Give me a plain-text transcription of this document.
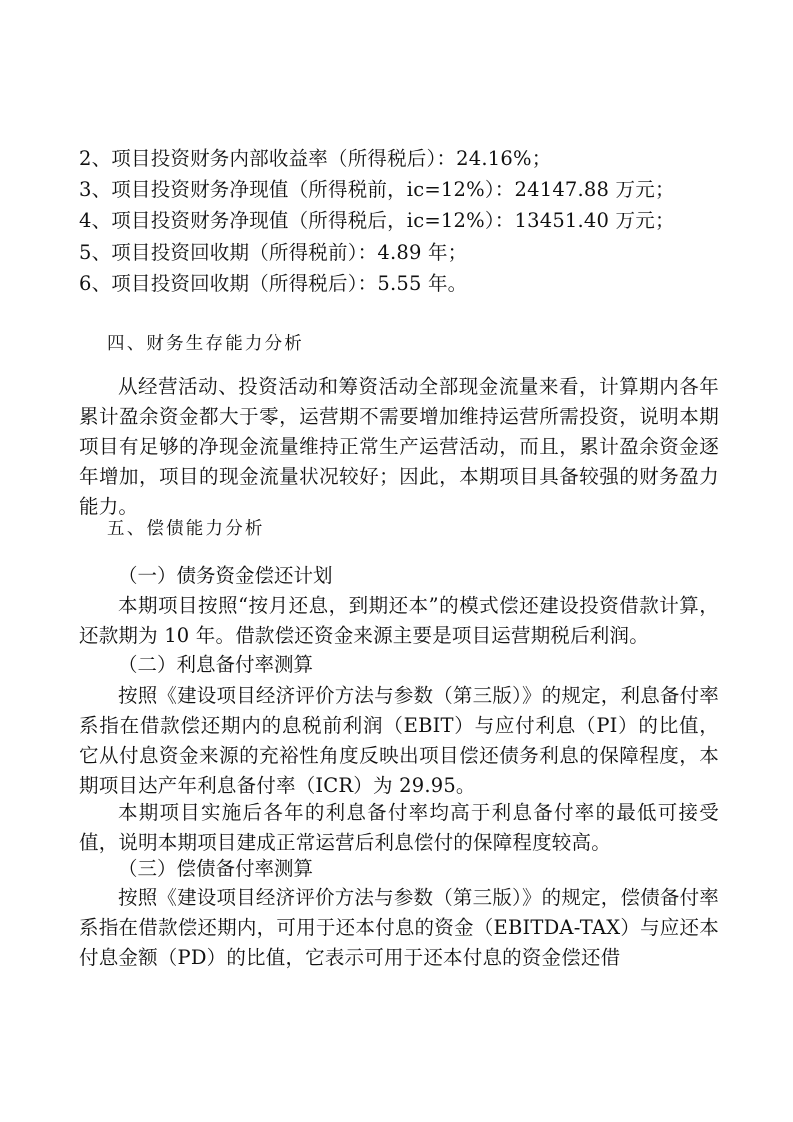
2、项目投资财务内部收益率（所得税后）：24.16%；
3、项目投资财务净现值（所得税前，ic=12%）：24147.88 万元；
4、项目投资财务净现值（所得税后，ic=12%）：13451.40 万元；
5、项目投资回收期（所得税前）：4.89 年；
6、项目投资回收期（所得税后）：5.55 年。
四、财务生存能力分析
从经营活动、投资活动和筹资活动全部现金流量来看，计算期内各年累计盈余资金都大于零，运营期不需要增加维持运营所需投资，说明本期项目有足够的净现金流量维持正常生产运营活动，而且，累计盈余资金逐年增加，项目的现金流量状况较好；因此，本期项目具备较强的财务盈力能力。
五、偿债能力分析
（一）债务资金偿还计划
本期项目按照“按月还息，到期还本”的模式偿还建设投资借款计算，还款期为 10 年。借款偿还资金来源主要是项目运营期税后利润。
（二）利息备付率测算
按照《建设项目经济评价方法与参数（第三版）》的规定，利息备付率系指在借款偿还期内的息税前利润（EBIT）与应付利息（PI）的比值，它从付息资金来源的充裕性角度反映出项目偿还债务利息的保障程度，本期项目达产年利息备付率（ICR）为 29.95。
本期项目实施后各年的利息备付率均高于利息备付率的最低可接受值，说明本期项目建成正常运营后利息偿付的保障程度较高。
（三）偿债备付率测算
按照《建设项目经济评价方法与参数（第三版）》的规定，偿债备付率系指在借款偿还期内，可用于还本付息的资金（EBITDA-TAX）与应还本付息金额（PD）的比值，它表示可用于还本付息的资金偿还借
